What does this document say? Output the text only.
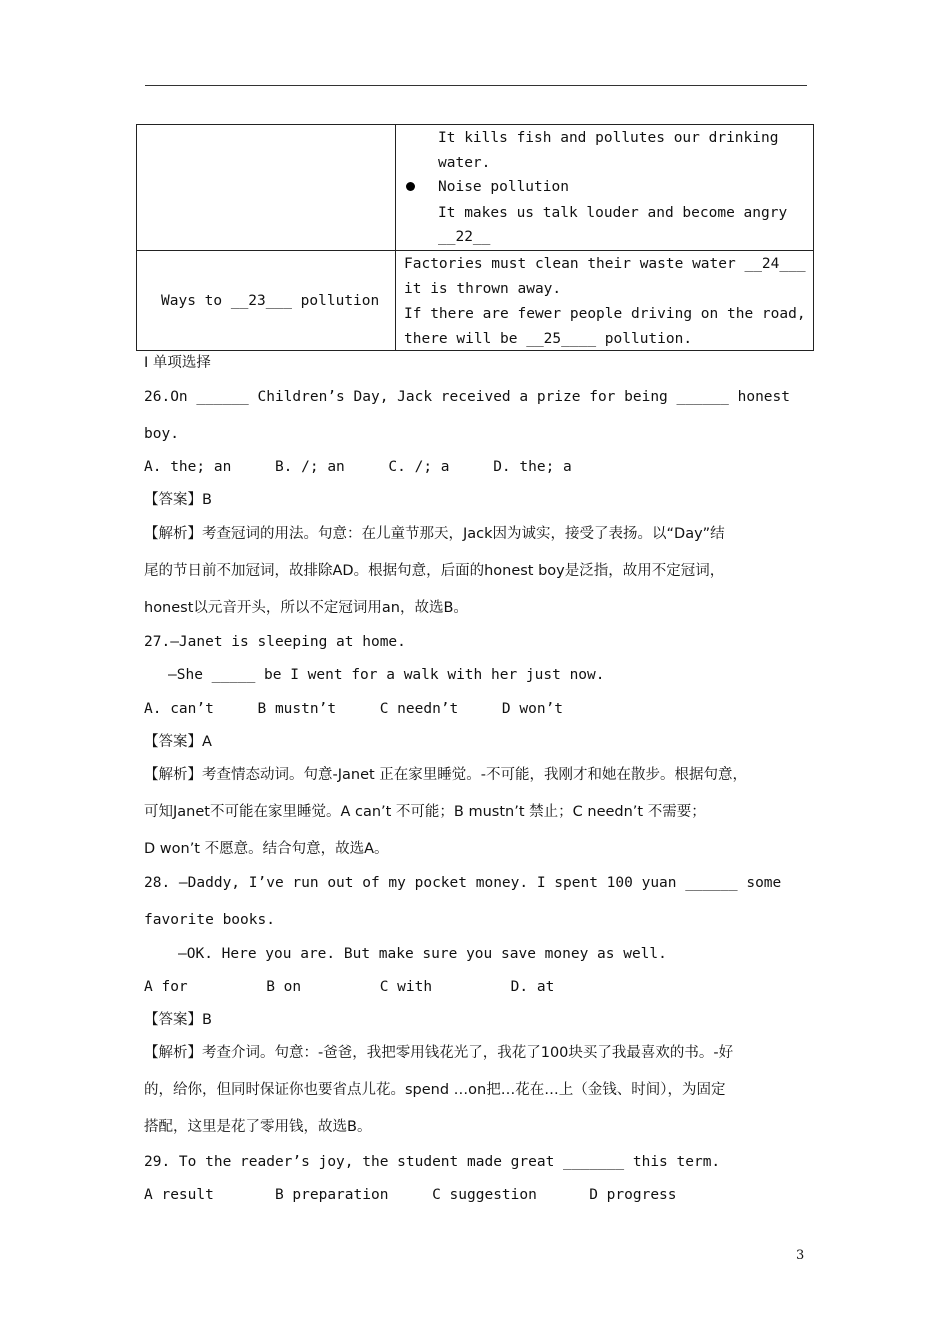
	It kills fish and pollutes our drinking
water.
Noise pollution
It makes us talk louder and become angry
__22__

Ways to __23___ pollution	Factories must clean their waste water __24___
it is thrown away.
If there are fewer people driving on the road,
there will be __25____ pollution.
I 单项选择
26.On ______ Children’s Day, Jack received a prize for being ______ honest
boy.
A. the; an     B. /; an     C. /; a     D. the; a
【答案】B
【解析】考查冠词的用法。句意：在儿童节那天，Jack因为诚实，接受了表扬。以“Day”结
尾的节日前不加冠词，故排除AD。根据句意，后面的honest boy是泛指，故用不定冠词，
honest以元音开头，所以不定冠词用an，故选B。
27.—Janet is sleeping at home.
—She _____ be I went for a walk with her just now.
A. can’t     B mustn’t     C needn’t     D won’t
【答案】A
【解析】考查情态动词。句意-Janet 正在家里睡觉。-不可能，我刚才和她在散步。根据句意，
可知Janet不可能在家里睡觉。A can’t 不可能；B mustn’t 禁止；C needn’t 不需要；
D won’t 不愿意。结合句意，故选A。
28. —Daddy, I’ve run out of my pocket money. I spent 100 yuan ______ some
favorite books.
—OK. Here you are. But make sure you save money as well.
A for         B on         C with         D. at
【答案】B
【解析】考查介词。句意：-爸爸，我把零用钱花光了，我花了100块买了我最喜欢的书。-好
的，给你，但同时保证你也要省点儿花。spend …on把…花在…上（金钱、时间），为固定
搭配，这里是花了零用钱，故选B。
29. To the reader’s joy, the student made great _______ this term.
A result       B preparation     C suggestion      D progress
3
